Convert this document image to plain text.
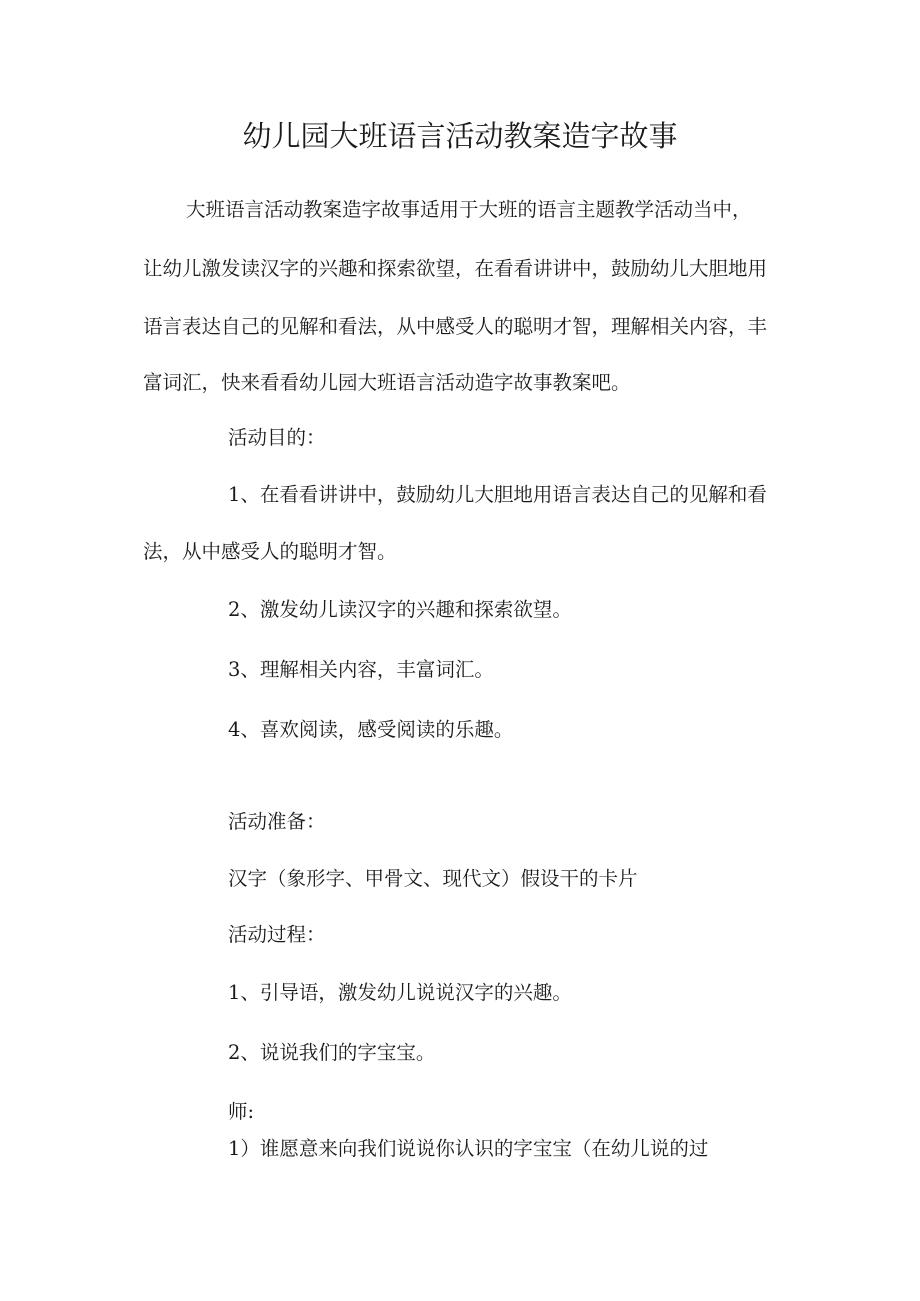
幼儿园大班语言活动教案造字故事
大班语言活动教案造字故事适用于大班的语言主题教学活动当中，
让幼儿激发读汉字的兴趣和探索欲望，在看看讲讲中，鼓励幼儿大胆地用
语言表达自己的见解和看法，从中感受人的聪明才智，理解相关内容，丰
富词汇，快来看看幼儿园大班语言活动造字故事教案吧。
活动目的：
1、在看看讲讲中，鼓励幼儿大胆地用语言表达自己的见解和看
法，从中感受人的聪明才智。
2、激发幼儿读汉字的兴趣和探索欲望。
3、理解相关内容，丰富词汇。
4、喜欢阅读，感受阅读的乐趣。
活动准备：
汉字（象形字、甲骨文、现代文）假设干的卡片
活动过程：
1、引导语，激发幼儿说说汉字的兴趣。
2、说说我们的字宝宝。
师:
1）谁愿意来向我们说说你认识的字宝宝（在幼儿说的过
